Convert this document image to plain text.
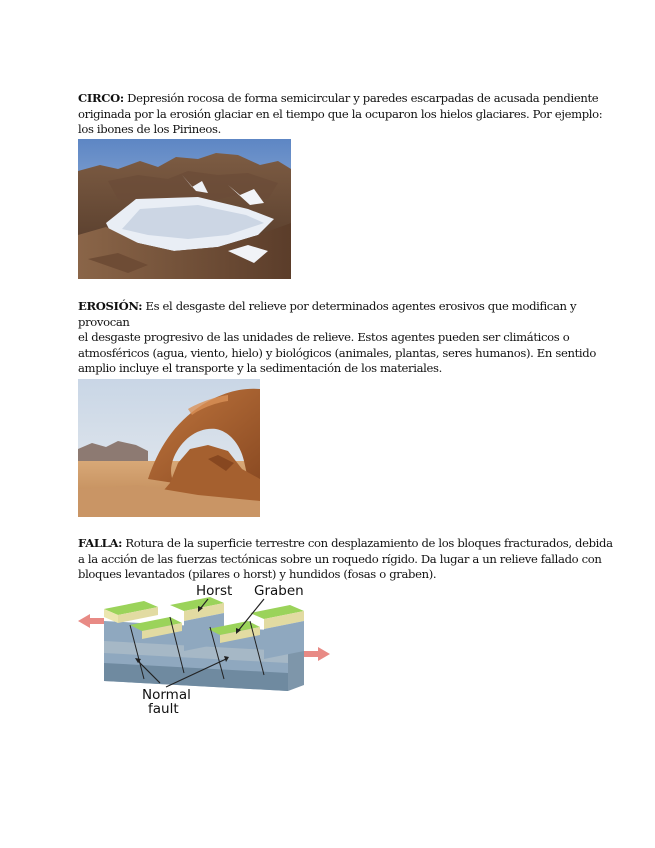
CIRCO: Depresión rocosa de forma semicircular y paredes escarpadas de acusada pendiente
originada por la erosión glaciar en el tiempo que la ocuparon los hielos glaciares. Por ejemplo:
los ibones de los Pirineos.

EROSIÓN: Es el desgaste del relieve por determinados agentes erosivos que modifican y
provocan
el desgaste progresivo de las unidades de relieve. Estos agentes pueden ser climáticos o
atmosféricos (agua, viento, hielo) y biológicos (animales, plantas, seres humanos). En sentido
amplio incluye el transporte y la sedimentación de los materiales.

FALLA: Rotura de la superficie terrestre con desplazamiento de los bloques fracturados, debida
a la acción de las fuerzas tectónicas sobre un roquedo rígido. Da lugar a un relieve fallado con
bloques levantados (pilares o horst) y hundidos (fosas o graben).

Horst Graben
Normal
fault
